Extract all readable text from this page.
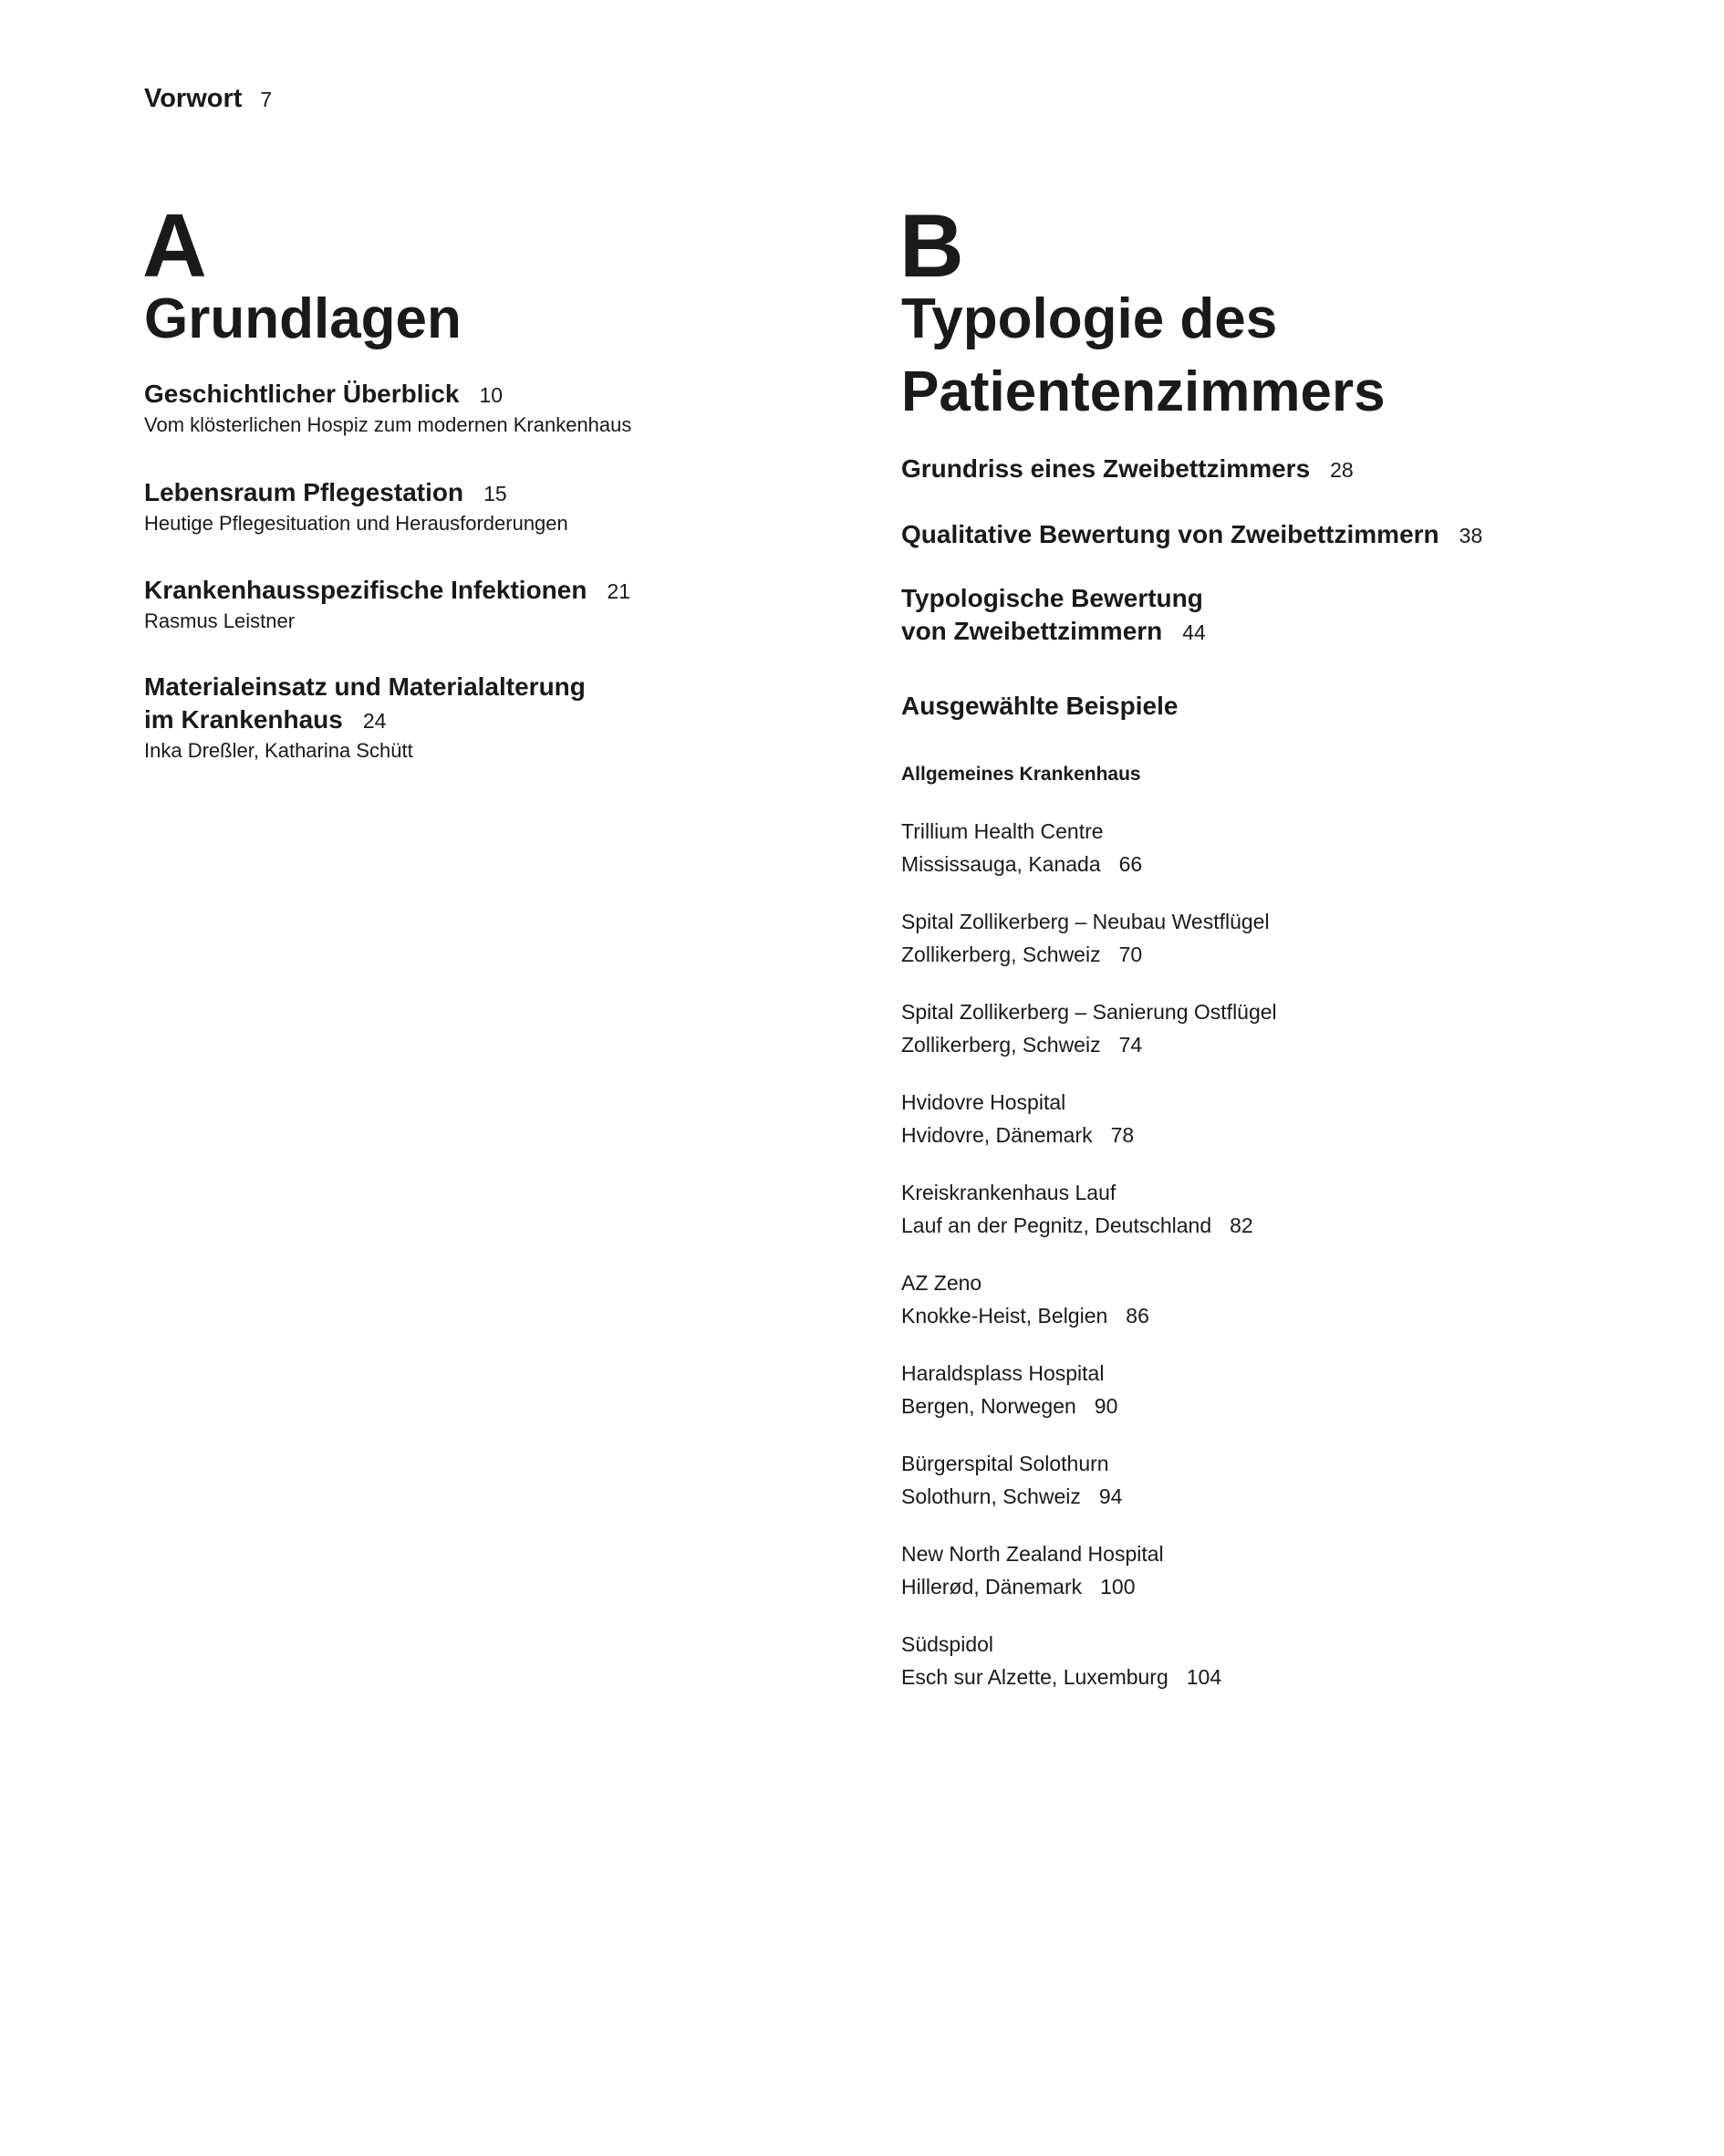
Vorwort 7
A
Grundlagen
Geschichtlicher Überblick 10
Vom klösterlichen Hospiz zum modernen Krankenhaus
Lebensraum Pflegestation 15
Heutige Pflegesituation und Herausforderungen
Krankenhausspezifische Infektionen 21
Rasmus Leistner
Materialeinsatz und Materialalterung
im Krankenhaus 24
Inka Dreßler, Katharina Schütt
B
Typologie des
Patientenzimmers
Grundriss eines Zweibettzimmers 28
Qualitative Bewertung von Zweibettzimmern 38
Typologische Bewertung
von Zweibettzimmern 44
Ausgewählte Beispiele
Allgemeines Krankenhaus
Trillium Health Centre
Mississauga, Kanada 66
Spital Zollikerberg – Neubau Westflügel
Zollikerberg, Schweiz 70
Spital Zollikerberg – Sanierung Ostflügel
Zollikerberg, Schweiz 74
Hvidovre Hospital
Hvidovre, Dänemark 78
Kreiskrankenhaus Lauf
Lauf an der Pegnitz, Deutschland 82
AZ Zeno
Knokke-Heist, Belgien 86
Haraldsplass Hospital
Bergen, Norwegen 90
Bürgerspital Solothurn
Solothurn, Schweiz 94
New North Zealand Hospital
Hillerød, Dänemark 100
Südspidol
Esch sur Alzette, Luxemburg 104
